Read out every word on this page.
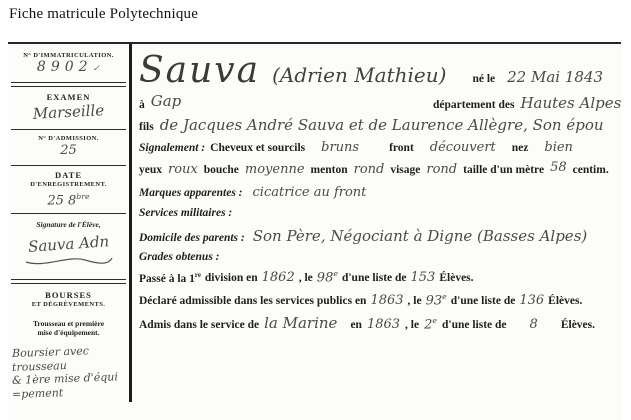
Fiche matricule Polytechnique
N° D'IMMATRICULATION.
8902✓
EXAMEN
Marseille
N° D'ADMISSION.
25
DATE
D'ENREGISTREMENT.
25 $8^{bre}$
Signature de l'Élève,
Sauva Adn

BOURSES
ET DÉGRÈVEMENTS.
Trousseau et première
mise d'équipement.
Boursier avec
trousseau
& 1ère mise d'équi
=pement
Sauva (Adrien Mathieu) né le 22 Mai 1843
à Gap	département des Hautes Alpes
fils de Jacques André Sauva et de Laurence Allègre, Son épou
Signalement : Cheveux et sourcils bruns	front découvert nez bien
yeux roux bouche moyenne menton rond visage rond taille d'un mètre 58 centim.
Marques apparentes : cicatrice au front
Services militaires :
Domicile des parents : Son Père, Négociant à Digne (Basses Alpes)
Grades obtenus :
Passé à la 1re division en 1862 , le 98e d'une liste de 153 Élèves.
Déclaré admissible dans les services publics en 1863 , le 93e d'une liste de 136 Élèves.
Admis dans le service de la Marine en 1863 , le 2e d'une liste de 8 Élèves.
